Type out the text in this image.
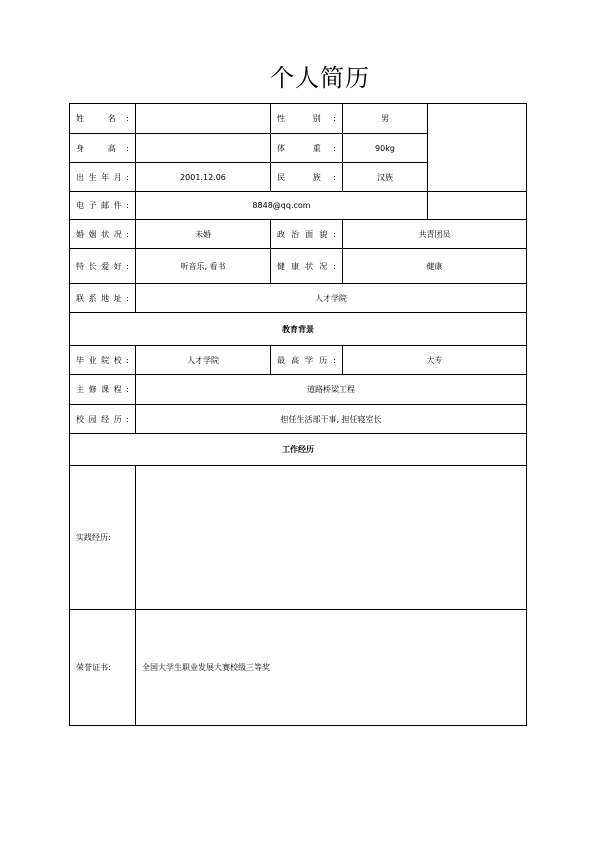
个人简历
姓 名:		性 别:	男	
身 高:		体 重:	90kg	
出生年月:	2001.12.06	民 族:	汉族	
电子邮件:	8848@qq.com			
婚姻状况:	未婚	政治面貌:	共青团员	
特长爱好:	听音乐, 看书	健康状况:	健康	
联系地址:	人才学院			
教育背景				
毕业院校:	人才学院	最高学历:	大专	
主修课程:	道路桥梁工程			
校园经历:	担任生活部干事, 担任寝室长			
工作经历				
实践经历:				
荣誉证书:	全国大学生职业发展大赛校级三等奖			
